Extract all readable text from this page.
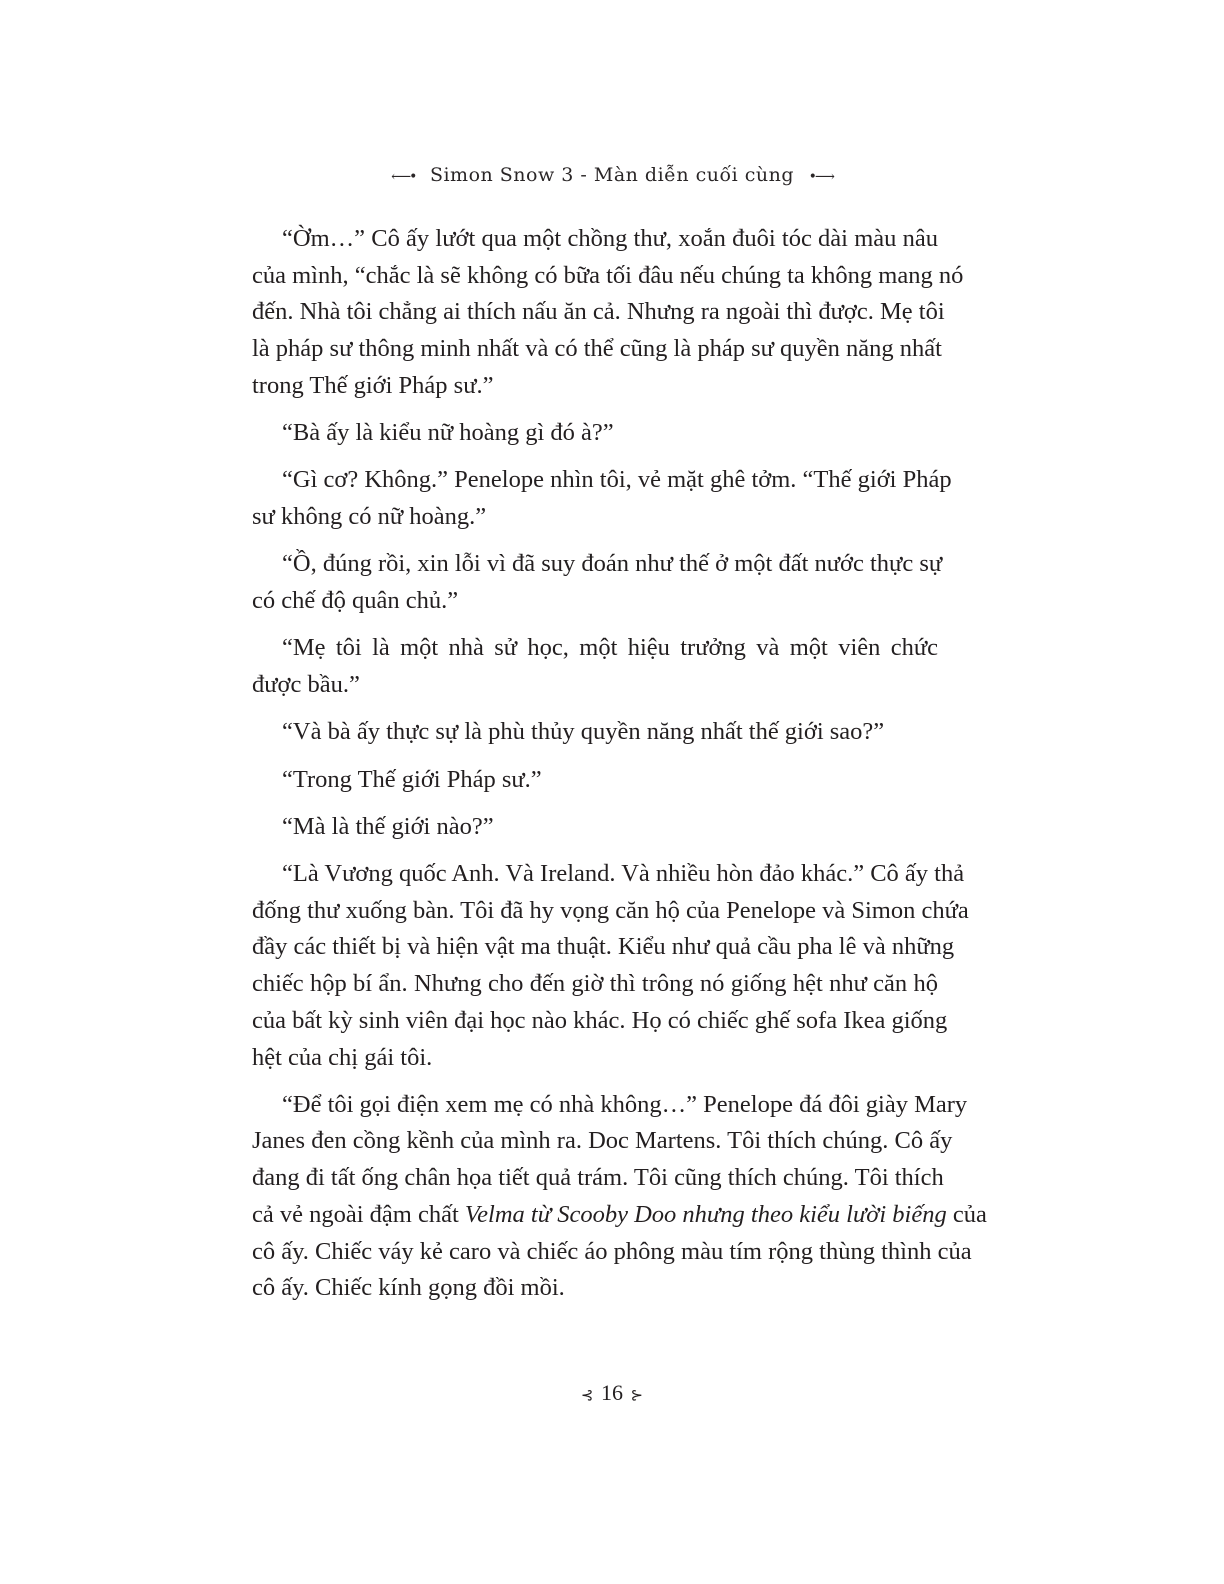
⟵• Simon Snow 3 - Màn diễn cuối cùng •⟶
“Ờm…” Cô ấy lướt qua một chồng thư, xoắn đuôi tóc dài màu nâu
của mình, “chắc là sẽ không có bữa tối đâu nếu chúng ta không mang nó
đến. Nhà tôi chẳng ai thích nấu ăn cả. Nhưng ra ngoài thì được. Mẹ tôi
là pháp sư thông minh nhất và có thể cũng là pháp sư quyền năng nhất
trong Thế giới Pháp sư.”
“Bà ấy là kiểu nữ hoàng gì đó à?”
“Gì cơ? Không.” Penelope nhìn tôi, vẻ mặt ghê tởm. “Thế giới Pháp
sư không có nữ hoàng.”
“Ồ, đúng rồi, xin lỗi vì đã suy đoán như thế ở một đất nước thực sự
có chế độ quân chủ.”
“Mẹ tôi là một nhà sử học, một hiệu trưởng và một viên chức
được bầu.”
“Và bà ấy thực sự là phù thủy quyền năng nhất thế giới sao?”
“Trong Thế giới Pháp sư.”
“Mà là thế giới nào?”
“Là Vương quốc Anh. Và Ireland. Và nhiều hòn đảo khác.” Cô ấy thả
đống thư xuống bàn. Tôi đã hy vọng căn hộ của Penelope và Simon chứa
đầy các thiết bị và hiện vật ma thuật. Kiểu như quả cầu pha lê và những
chiếc hộp bí ẩn. Nhưng cho đến giờ thì trông nó giống hệt như căn hộ
của bất kỳ sinh viên đại học nào khác. Họ có chiếc ghế sofa Ikea giống
hệt của chị gái tôi.
“Để tôi gọi điện xem mẹ có nhà không…” Penelope đá đôi giày Mary
Janes đen cồng kềnh của mình ra. Doc Martens. Tôi thích chúng. Cô ấy
đang đi tất ống chân họa tiết quả trám. Tôi cũng thích chúng. Tôi thích
cả vẻ ngoài đậm chất Velma từ Scooby Doo nhưng theo kiểu lười biếng của
cô ấy. Chiếc váy kẻ caro và chiếc áo phông màu tím rộng thùng thình của
cô ấy. Chiếc kính gọng đồi mồi.
⊰ 16 ⊱
